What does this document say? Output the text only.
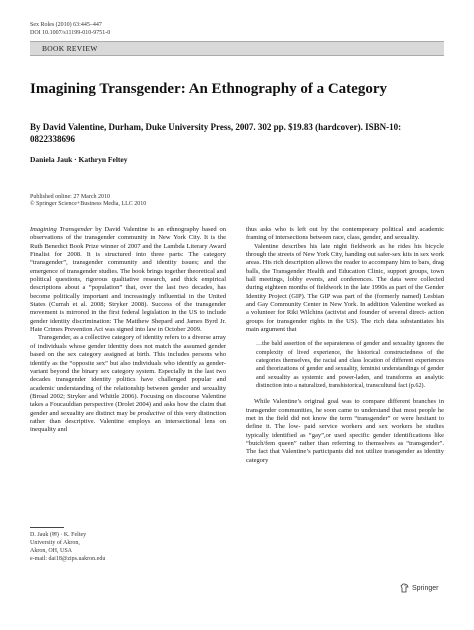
Sex Roles (2010) 63:445–447
DOI 10.1007/s11199-010-9751-0
BOOK REVIEW
Imagining Transgender: An Ethnography of a Category
By David Valentine, Durham, Duke University Press, 2007. 302 pp. $19.83 (hardcover). ISBN-10: 0822338696
Daniela Jauk · Kathryn Feltey
Published online: 27 March 2010
© Springer Science+Business Media, LLC 2010

Imagining Transgender by David Valentine is an ethnography based on observations of the transgender community in New York City. It is the Ruth Benedict Book Prize winner of 2007 and the Lambda Literary Award Finalist for 2008. It is structured into three parts: The category “transgender”, transgender community and identity issues; and the emergence of transgender studies. The book brings together theoretical and political questions, rigorous qualitative research, and thick empirical descriptions about a “population” that, over the last two decades, has become politically important and increasingly influential in the United States (Currah et al. 2008; Stryker 2008). Success of the transgender movement is mirrored in the first federal legislation in the US to include gender identity discrimination: The Matthew Shepard and James Byrd Jr. Hate Crimes Prevention Act was signed into law in October 2009.

Transgender, as a collective category of identity refers to a diverse array of individuals whose gender identity does not match the assumed gender based on the sex category assigned at birth. This includes persons who identify as the “opposite sex” but also individuals who identify as gender-variant beyond the binary sex category system. Especially in the last two decades transgender identity politics have challenged popular and academic understanding of the relationship between gender and sexuality (Broad 2002; Stryker and Whittle 2006). Focusing on discourse Valentine takes a Foucauldian perspective (Drolet 2004) and asks how the claim that gender and sexuality are distinct may be productive of this very distinction rather than descriptive. Valentine employs an intersectional lens on inequality and

thus asks who is left out by the contemporary political and academic framing of intersections between race, class, gender, and sexuality.

Valentine describes his late night fieldwork as he rides his bicycle through the streets of New York City, handing out safer-sex kits in sex work areas. His rich description allows the reader to accompany him to bars, drag balls, the Transgender Health and Education Clinic, support groups, town hall meetings, lobby events, and conferences. The data were collected during eighteen months of fieldwork in the late 1990s as part of the Gender Identity Project (GIP). The GIP was part of the (formerly named) Lesbian and Gay Community Center in New York. In addition Valentine worked as a volunteer for Riki Wilchins (activist and founder of several direct- action groups for transgender rights in the US). The rich data substantiates his main argument that

…the bald assertion of the separateness of gender and sexuality ignores the complexity of lived experience, the historical constructedness of the categories themselves, the racial and class location of different experiences and theorizations of gender and sexuality, feminist understandings of gender and sexuality as systemic and power-laden, and transforms an analytic distinction into a naturalized, transhistorical, transcultural fact (p.62).

While Valentine’s original goal was to compare different branches in transgender communities, he soon came to understand that most people he met in the field did not know the term “transgender” or were hesitant to define it. The low- paid service workers and sex workers he studies typically identified as “gay”,or used specific gender identifications like “butch/fem queen” rather than referring to themselves as “transgender”. The fact that Valentine’s participants did not utilize transgender as identity category

D. Jauk (✉) · K. Feltey
University of Akron,
Akron, OH, USA
e-mail: dai18@zips.uakron.edu
Springer
